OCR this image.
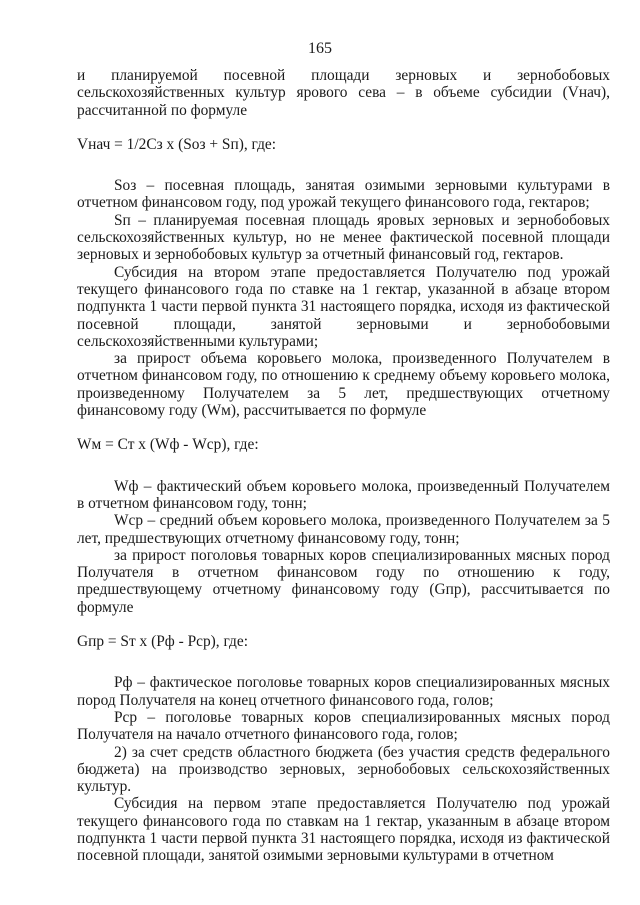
165

и планируемой посевной площади зерновых и зернобобовых сельскохозяйственных культур ярового сева – в объеме субсидии (Vнач), рассчитанной по формуле

Vнач = 1/2Сз х (Sоз + Sп), где:

Sоз – посевная площадь, занятая озимыми зерновыми культурами в отчетном финансовом году, под урожай текущего финансового года, гектаров;

Sп – планируемая посевная площадь яровых зерновых и зернобобовых сельскохозяйственных культур, но не менее фактической посевной площади зерновых и зернобобовых культур за отчетный финансовый год, гектаров.

Субсидия на втором этапе предоставляется Получателю под урожай текущего финансового года по ставке на 1 гектар, указанной в абзаце втором подпункта 1 части первой пункта 31 настоящего порядка, исходя из фактической посевной площади, занятой зерновыми и зернобобовыми сельскохозяйственными культурами;

за прирост объема коровьего молока, произведенного Получателем в отчетном финансовом году, по отношению к среднему объему коровьего молока, произведенному Получателем за 5 лет, предшествующих отчетному финансовому году (Wм), рассчитывается по формуле

Wм = Ст х (Wф - Wср), где:

Wф – фактический объем коровьего молока, произведенный Получателем в отчетном финансовом году, тонн;

Wср – средний объем коровьего молока, произведенного Получателем за 5 лет, предшествующих отчетному финансовому году, тонн;

за прирост поголовья товарных коров специализированных мясных пород Получателя в отчетном финансовом году по отношению к году, предшествующему отчетному финансовому году (Gпр), рассчитывается по формуле

Gпр = Sт х (Рф - Рср), где:

Рф – фактическое поголовье товарных коров специализированных мясных пород Получателя на конец отчетного финансового года, голов;

Рср – поголовье товарных коров специализированных мясных пород Получателя на начало отчетного финансового года, голов;

2) за счет средств областного бюджета (без участия средств федерального бюджета) на производство зерновых, зернобобовых сельскохозяйственных культур.

Субсидия на первом этапе предоставляется Получателю под урожай текущего финансового года по ставкам на 1 гектар, указанным в абзаце втором подпункта 1 части первой пункта 31 настоящего порядка, исходя из фактической посевной площади, занятой озимыми зерновыми культурами в отчетном
